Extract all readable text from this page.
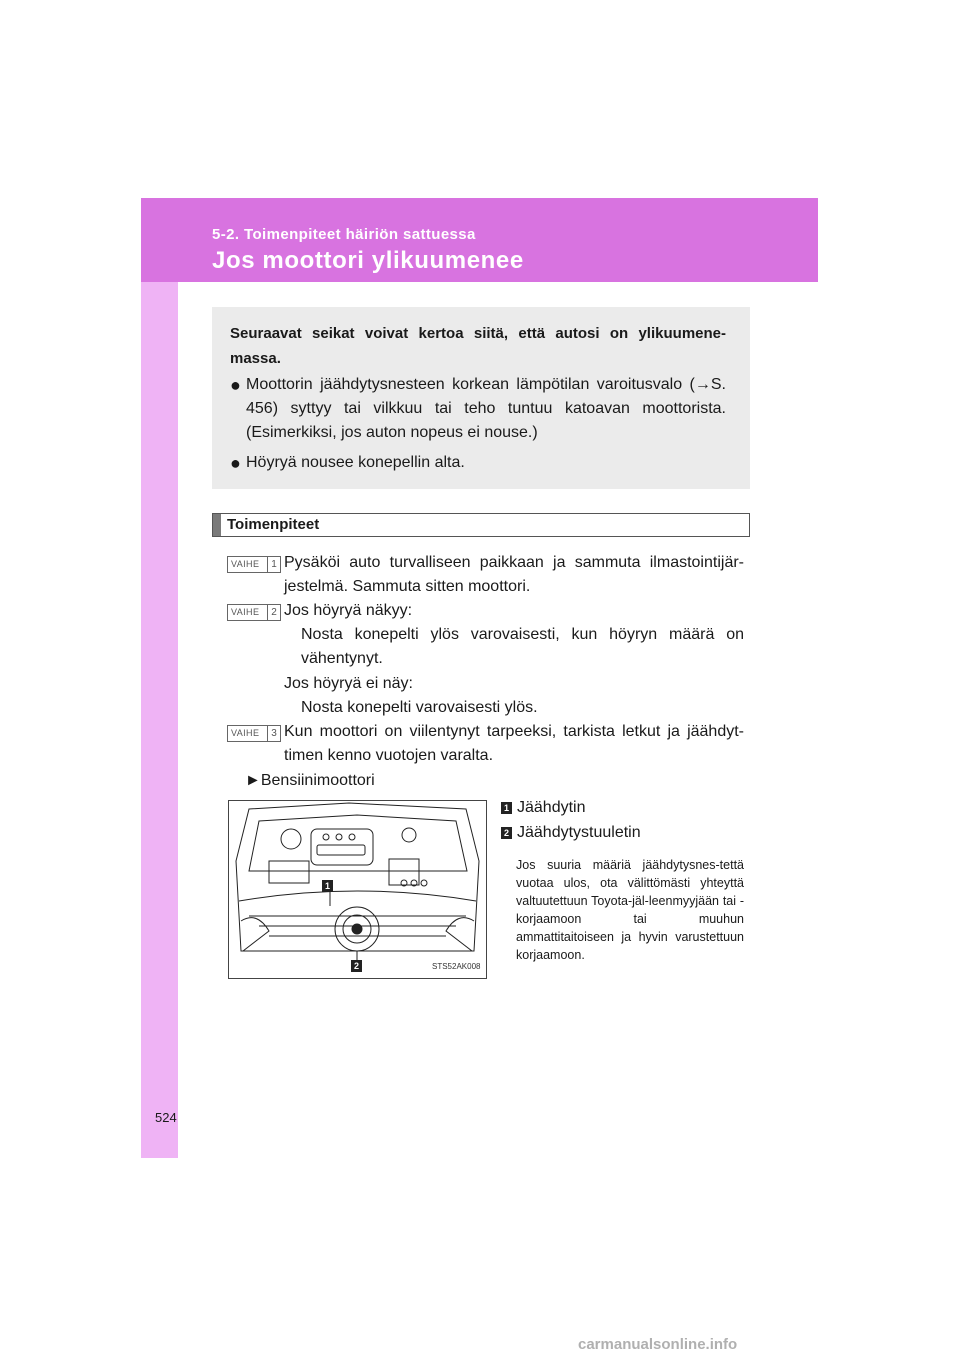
5-2. Toimenpiteet häiriön sattuessa
Jos moottori ylikuumenee
Seuraavat seikat voivat kertoa siitä, että autosi on ylikuumene-massa.
● Moottorin jäähdytysnesteen korkean lämpötilan varoitusvalo (→S. 456) syttyy tai vilkkuu tai teho tuntuu katoavan moottorista. (Esimerkiksi, jos auton nopeus ei nouse.)
● Höyryä nousee konepellin alta.
Toimenpiteet
VAIHE	1 Pysäköi auto turvalliseen paikkaan ja sammuta ilmastointijär-jestelmä. Sammuta sitten moottori.
VAIHE	2 Jos höyryä näkyy:
Nosta konepelti ylös varovaisesti, kun höyryn määrä on vähentynyt.
Jos höyryä ei näy:
Nosta konepelti varovaisesti ylös.
VAIHE	3 Kun moottori on viilentynyt tarpeeksi, tarkista letkut ja jäähdyt-timen kenno vuotojen varalta.
►Bensiinimoottori
1
2	STS52AK008
1 Jäähdytin
2 Jäähdytystuuletin
Jos suuria määriä jäähdytysnes-tettä vuotaa ulos, ota välittömästi yhteyttä valtuutettuun Toyota-jäl-leenmyyjään tai -korjaamoon tai muuhun ammattitaitoiseen ja hyvin varustettuun korjaamoon.
524
carmanualsonline.info
